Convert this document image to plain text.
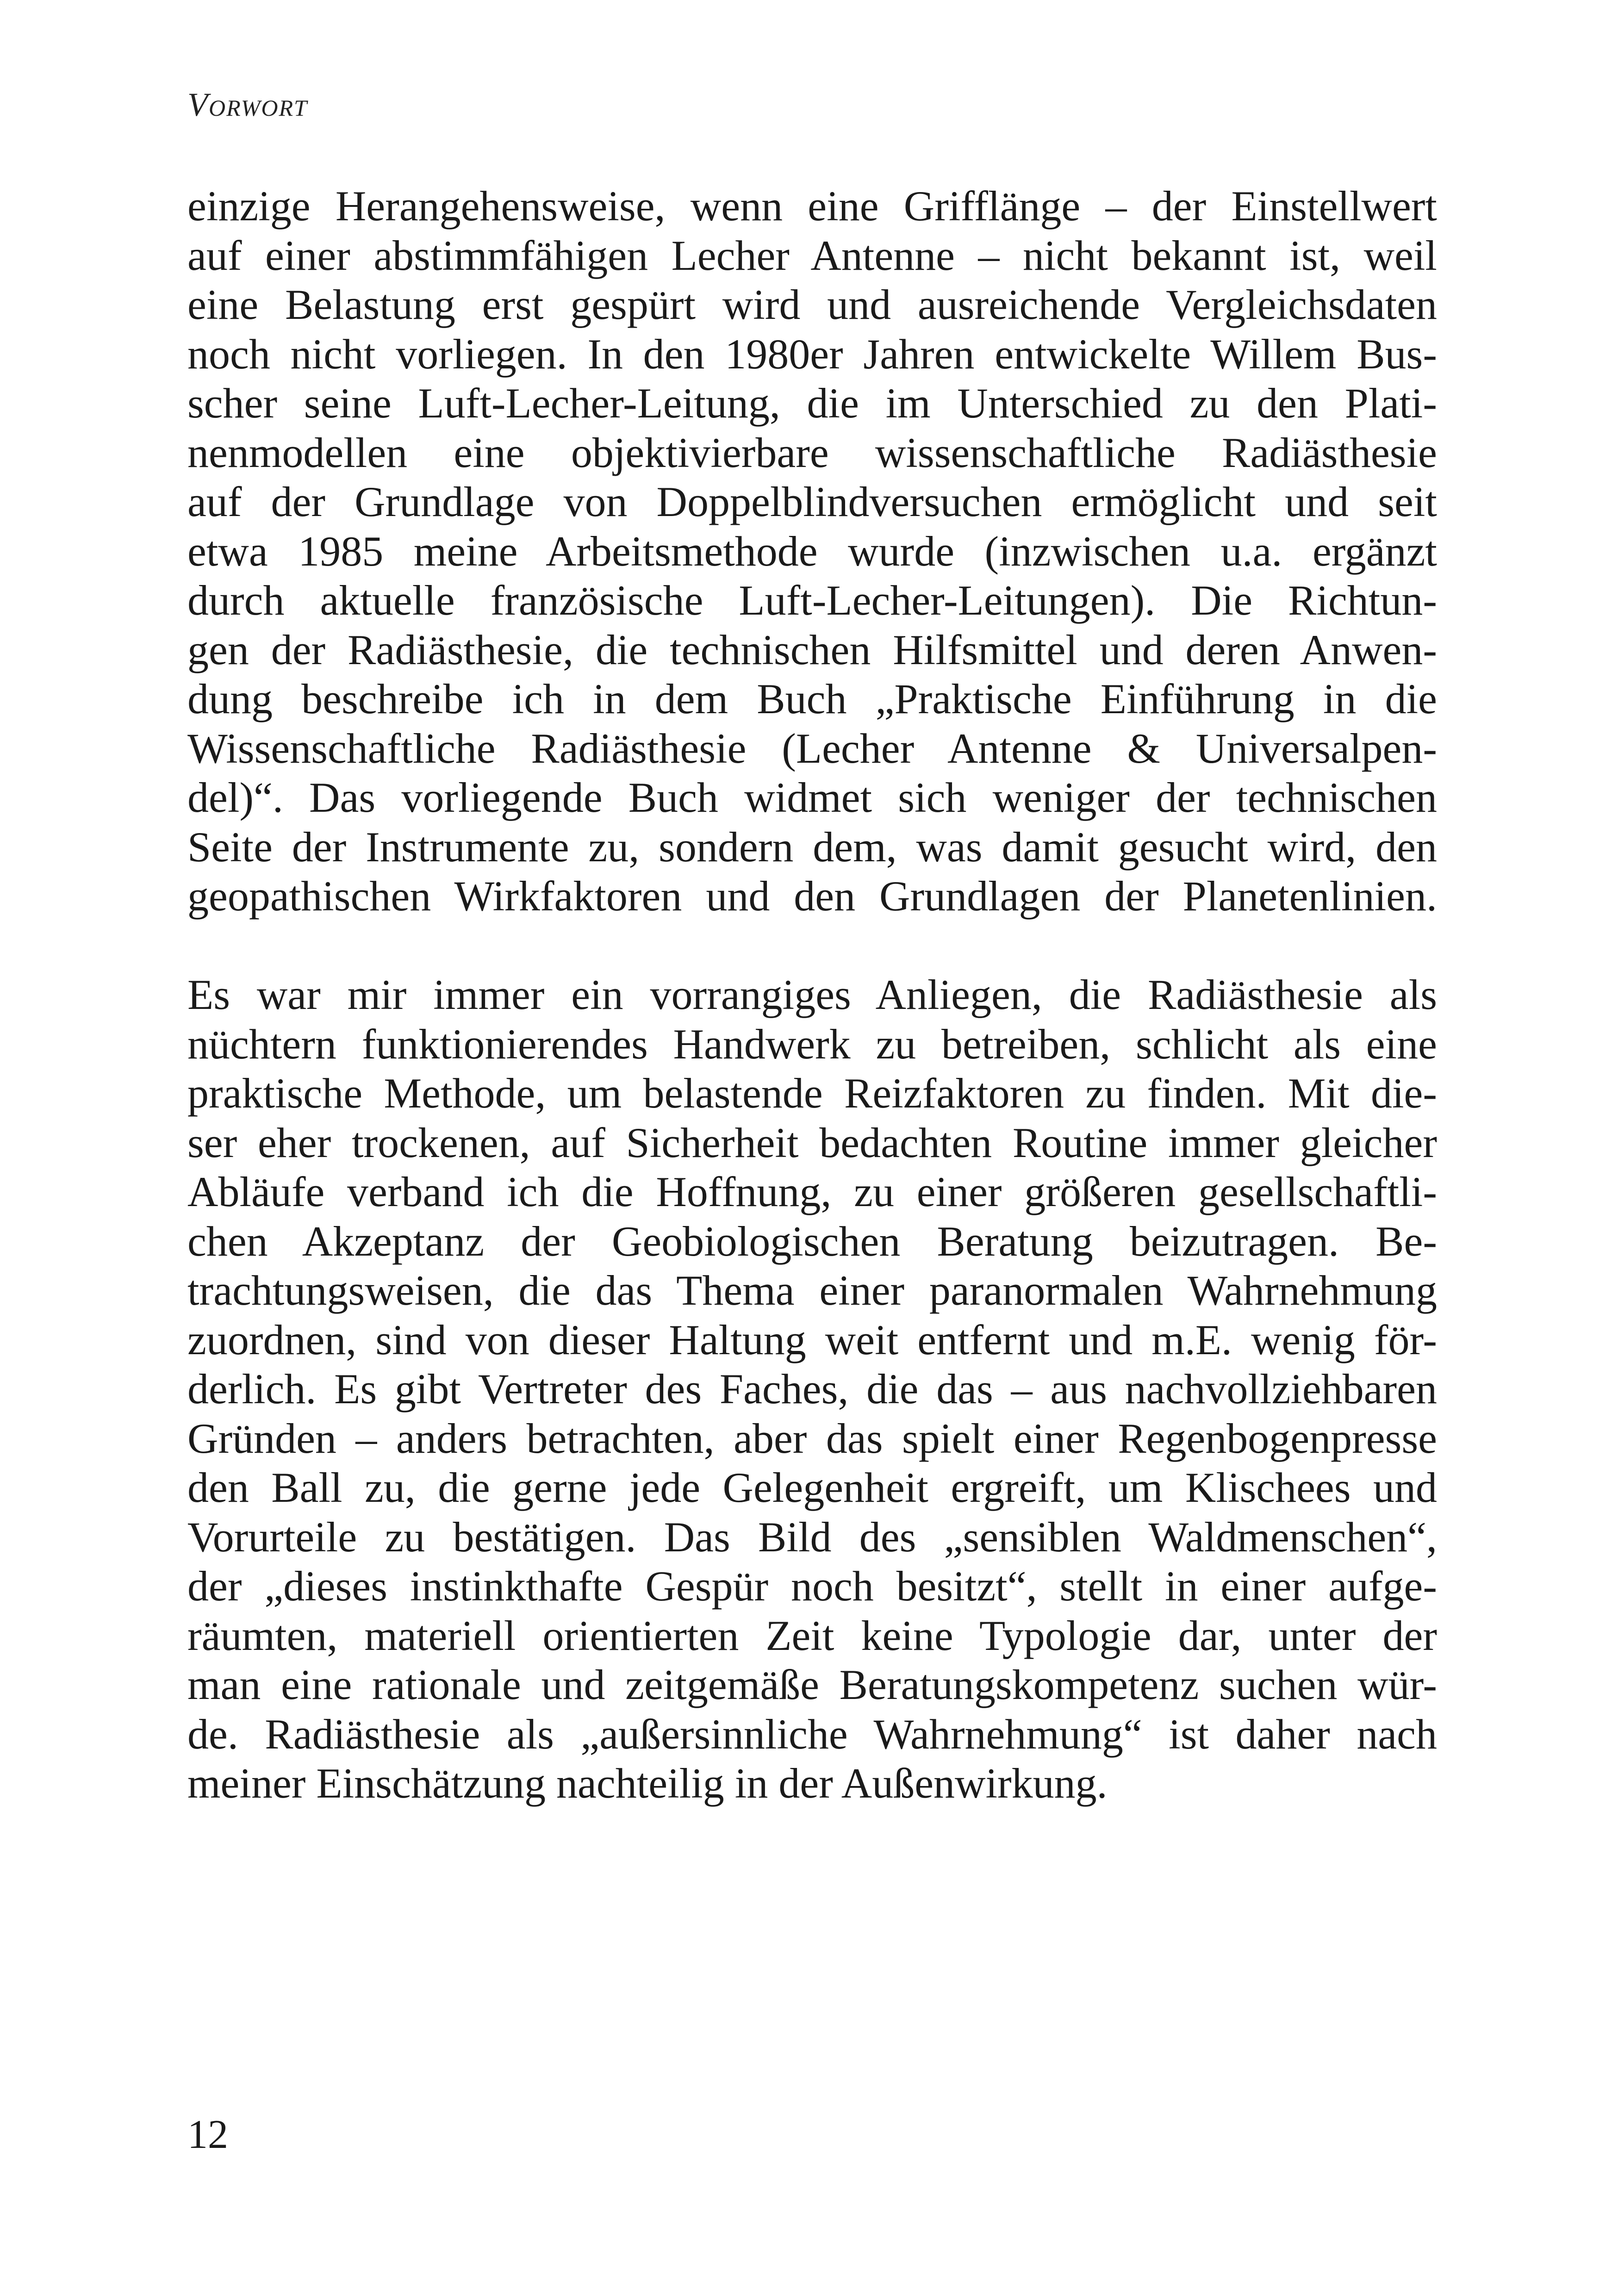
Vorwort
einzige Herangehensweise, wenn eine Grifflänge – der Einstellwert
auf einer abstimmfähigen Lecher Antenne – nicht bekannt ist, weil
eine Belastung erst gespürt wird und ausreichende Vergleichsdaten
noch nicht vorliegen. In den 1980er Jahren entwickelte Willem Bus-
scher seine Luft-Lecher-Leitung, die im Unterschied zu den Plati-
nenmodellen eine objektivierbare wissenschaftliche Radiästhesie
auf der Grundlage von Doppelblindversuchen ermöglicht und seit
etwa 1985 meine Arbeitsmethode wurde (inzwischen u.a. ergänzt
durch aktuelle französische Luft-Lecher-Leitungen). Die Richtun-
gen der Radiästhesie, die technischen Hilfsmittel und deren Anwen-
dung beschreibe ich in dem Buch „Praktische Einführung in die
Wissenschaftliche Radiästhesie (Lecher Antenne & Universalpen-
del)“. Das vorliegende Buch widmet sich weniger der technischen
Seite der Instrumente zu, sondern dem, was damit gesucht wird, den
geopathischen Wirkfaktoren und den Grundlagen der Planetenlinien.
Es war mir immer ein vorrangiges Anliegen, die Radiästhesie als
nüchtern funktionierendes Handwerk zu betreiben, schlicht als eine
praktische Methode, um belastende Reizfaktoren zu finden. Mit die-
ser eher trockenen, auf Sicherheit bedachten Routine immer gleicher
Abläufe verband ich die Hoffnung, zu einer größeren gesellschaftli-
chen Akzeptanz der Geobiologischen Beratung beizutragen. Be-
trachtungsweisen, die das Thema einer paranormalen Wahrnehmung
zuordnen, sind von dieser Haltung weit entfernt und m.E. wenig för-
derlich. Es gibt Vertreter des Faches, die das – aus nachvollziehbaren
Gründen – anders betrachten, aber das spielt einer Regenbogenpresse
den Ball zu, die gerne jede Gelegenheit ergreift, um Klischees und
Vorurteile zu bestätigen. Das Bild des „sensiblen Waldmenschen“,
der „dieses instinkthafte Gespür noch besitzt“, stellt in einer aufge-
räumten, materiell orientierten Zeit keine Typologie dar, unter der
man eine rationale und zeitgemäße Beratungskompetenz suchen wür-
de. Radiästhesie als „außersinnliche Wahrnehmung“ ist daher nach
meiner Einschätzung nachteilig in der Außenwirkung.
12
